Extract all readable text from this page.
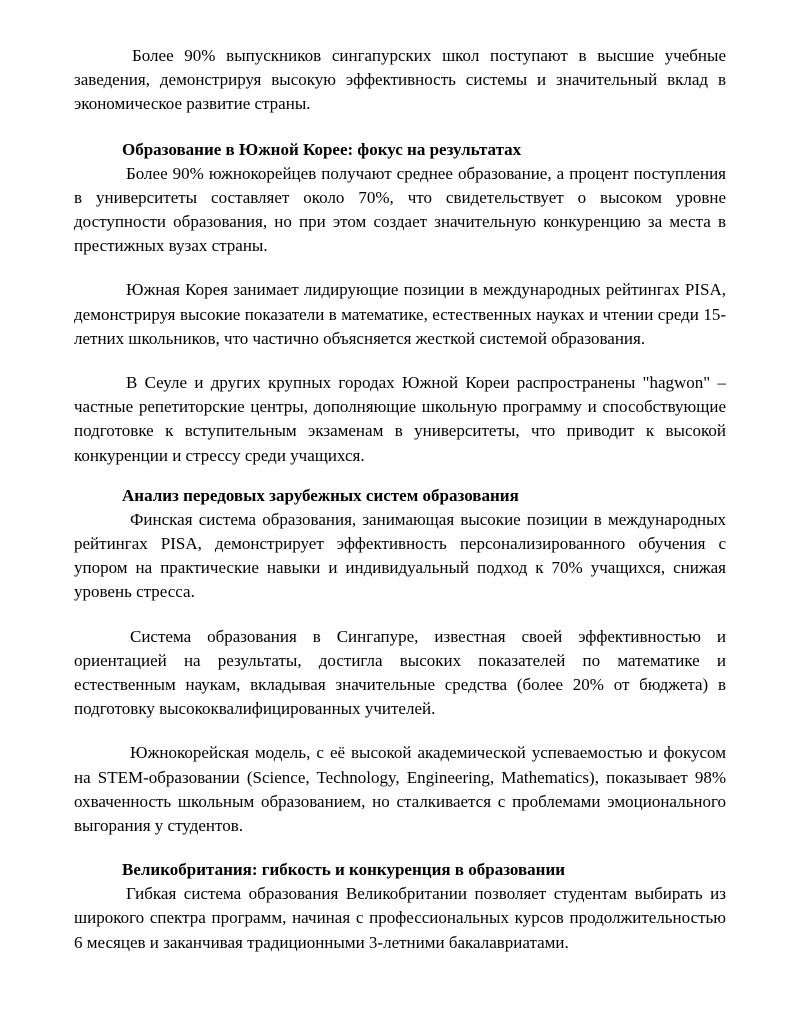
Более 90% выпускников сингапурских школ поступают в высшие учебные заведения, демонстрируя высокую эффективность системы и значительный вклад в экономическое развитие страны.

Образование в Южной Корее: фокус на результатах

Более 90% южнокорейцев получают среднее образование, а процент поступления в университеты составляет около 70%, что свидетельствует о высоком уровне доступности образования, но при этом создает значительную конкуренцию за места в престижных вузах страны.

Южная Корея занимает лидирующие позиции в международных рейтингах PISA, демонстрируя высокие показатели в математике, естественных науках и чтении среди 15-летних школьников, что частично объясняется жесткой системой образования.

В Сеуле и других крупных городах Южной Кореи распространены "hagwon" – частные репетиторские центры, дополняющие школьную программу и способствующие подготовке к вступительным экзаменам в университеты, что приводит к высокой конкуренции и стрессу среди учащихся.

Анализ передовых зарубежных систем образования

Финская система образования, занимающая высокие позиции в международных рейтингах PISA, демонстрирует эффективность персонализированного обучения с упором на практические навыки и индивидуальный подход к 70% учащихся, снижая уровень стресса.

Система образования в Сингапуре, известная своей эффективностью и ориентацией на результаты, достигла высоких показателей по математике и естественным наукам, вкладывая значительные средства (более 20% от бюджета) в подготовку высококвалифицированных учителей.

Южнокорейская модель, с её высокой академической успеваемостью и фокусом на STEM-образовании (Science, Technology, Engineering, Mathematics), показывает 98% охваченность школьным образованием, но сталкивается с проблемами эмоционального выгорания у студентов.

Великобритания: гибкость и конкуренция в образовании

Гибкая система образования Великобритании позволяет студентам выбирать из широкого спектра программ, начиная с профессиональных курсов продолжительностью 6 месяцев и заканчивая традиционными 3-летними бакалавриатами.
